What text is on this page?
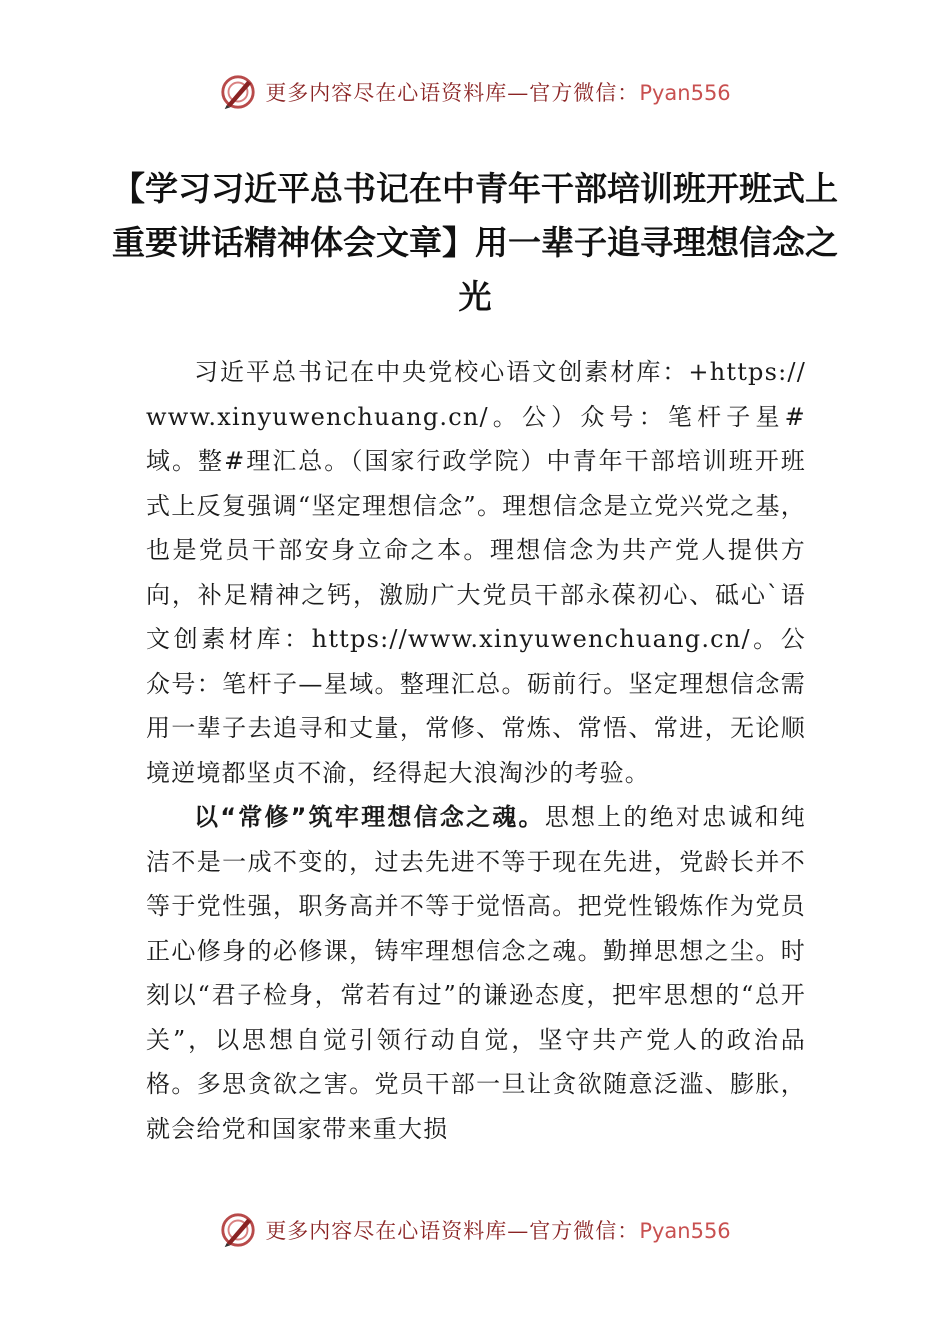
更多内容尽在心语资料库—官方微信：Pyan556
【学习习近平总书记在中青年干部培训班开班式上重要讲话精神体会文章】用一辈子追寻理想信念之光

习近平总书记在中央党校心语文创素材库：+https://www.xinyuwenchuang.cn/。公）众号：笔杆子星#域。整#理汇总。（国家行政学院）中青年干部培训班开班式上反复强调“坚定理想信念”。理想信念是立党兴党之基，也是党员干部安身立命之本。理想信念为共产党人提供方向，补足精神之钙，激励广大党员干部永葆初心、砥心`语文创素材库：https://www.xinyuwenchuang.cn/。公众号：笔杆子—星域。整理汇总。砺前行。坚定理想信念需用一辈子去追寻和丈量，常修、常炼、常悟、常进，无论顺境逆境都坚贞不渝，经得起大浪淘沙的考验。

以“常修”筑牢理想信念之魂。思想上的绝对忠诚和纯洁不是一成不变的，过去先进不等于现在先进，党龄长并不等于党性强，职务高并不等于觉悟高。把党性锻炼作为党员正心修身的必修课，铸牢理想信念之魂。勤掸思想之尘。时刻以“君子检身，常若有过”的谦逊态度，把牢思想的“总开关”，以思想自觉引领行动自觉，坚守共产党人的政治品格。多思贪欲之害。党员干部一旦让贪欲随意泛滥、膨胀，就会给党和国家带来重大损

更多内容尽在心语资料库—官方微信：Pyan556
